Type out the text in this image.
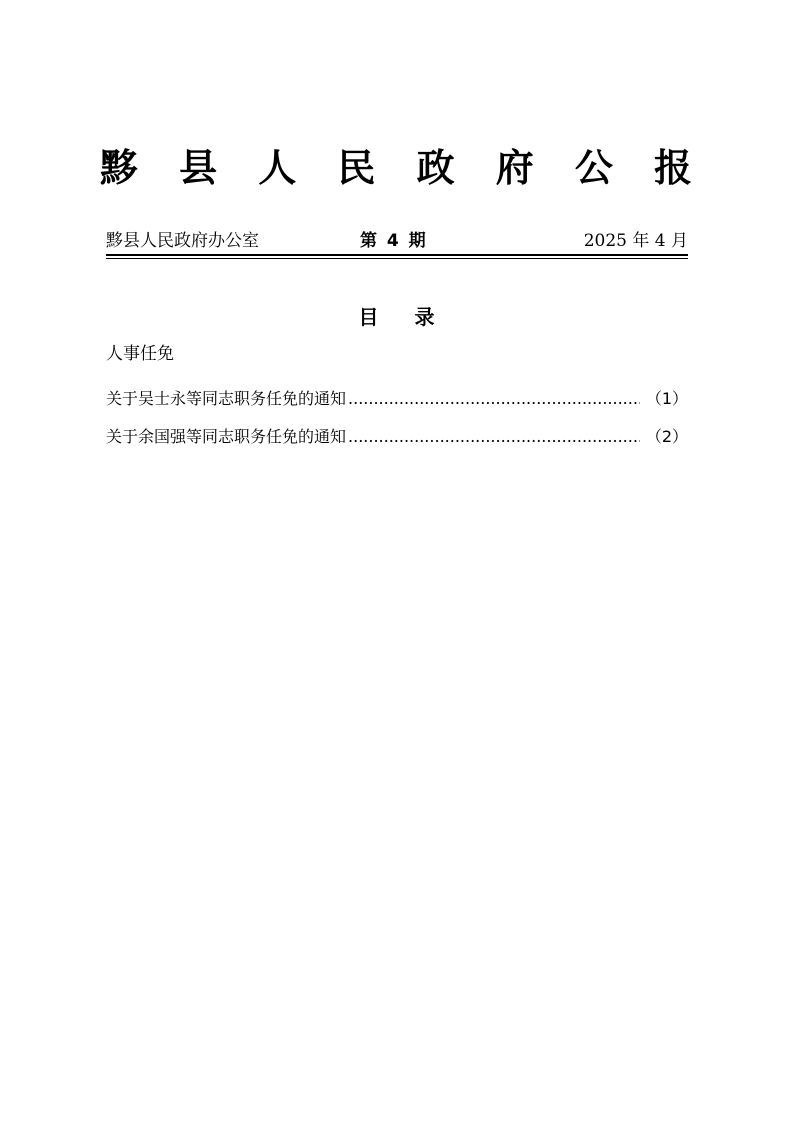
黟 县 人 民 政 府 公 报
黟县人民政府办公室	第 4 期	2025 年 4 月
目录
人事任免
关于吴士永等同志职务任免的通知 .....	（1）
关于余国强等同志职务任免的通知 .....	（2）
